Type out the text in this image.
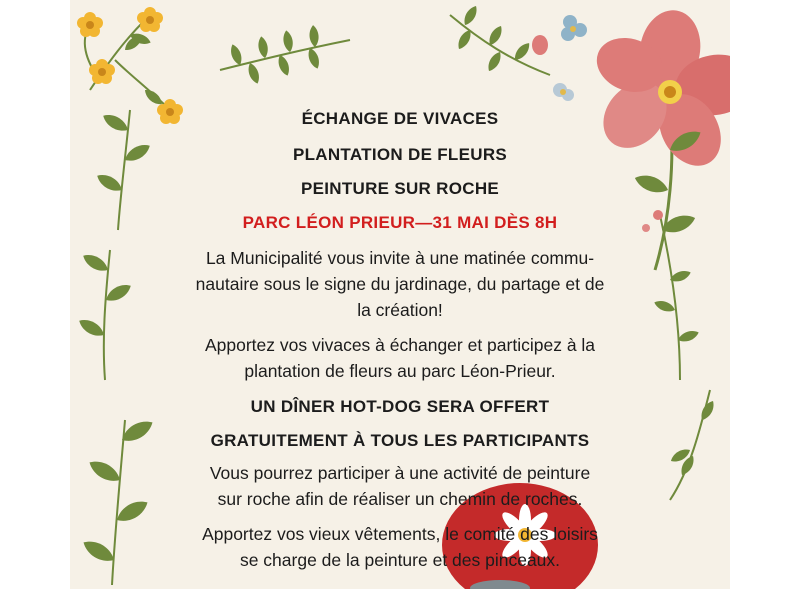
ÉCHANGE DE VIVACES
PLANTATION DE FLEURS
PEINTURE SUR ROCHE
PARC LÉON PRIEUR—31 MAI DÈS 8H
La Municipalité vous invite à une matinée commu-
nautaire sous le signe du jardinage, du partage et de
la création!
Apportez vos vivaces à échanger et participez à la
plantation de fleurs au parc Léon-Prieur.
UN DÎNER HOT-DOG SERA OFFERT
GRATUITEMENT À TOUS LES PARTICIPANTS
Vous pourrez participer à une activité de peinture
sur roche afin de réaliser un chemin de roches.
Apportez vos vieux vêtements, le comité des loisirs
se charge de la peinture et des pinceaux.
